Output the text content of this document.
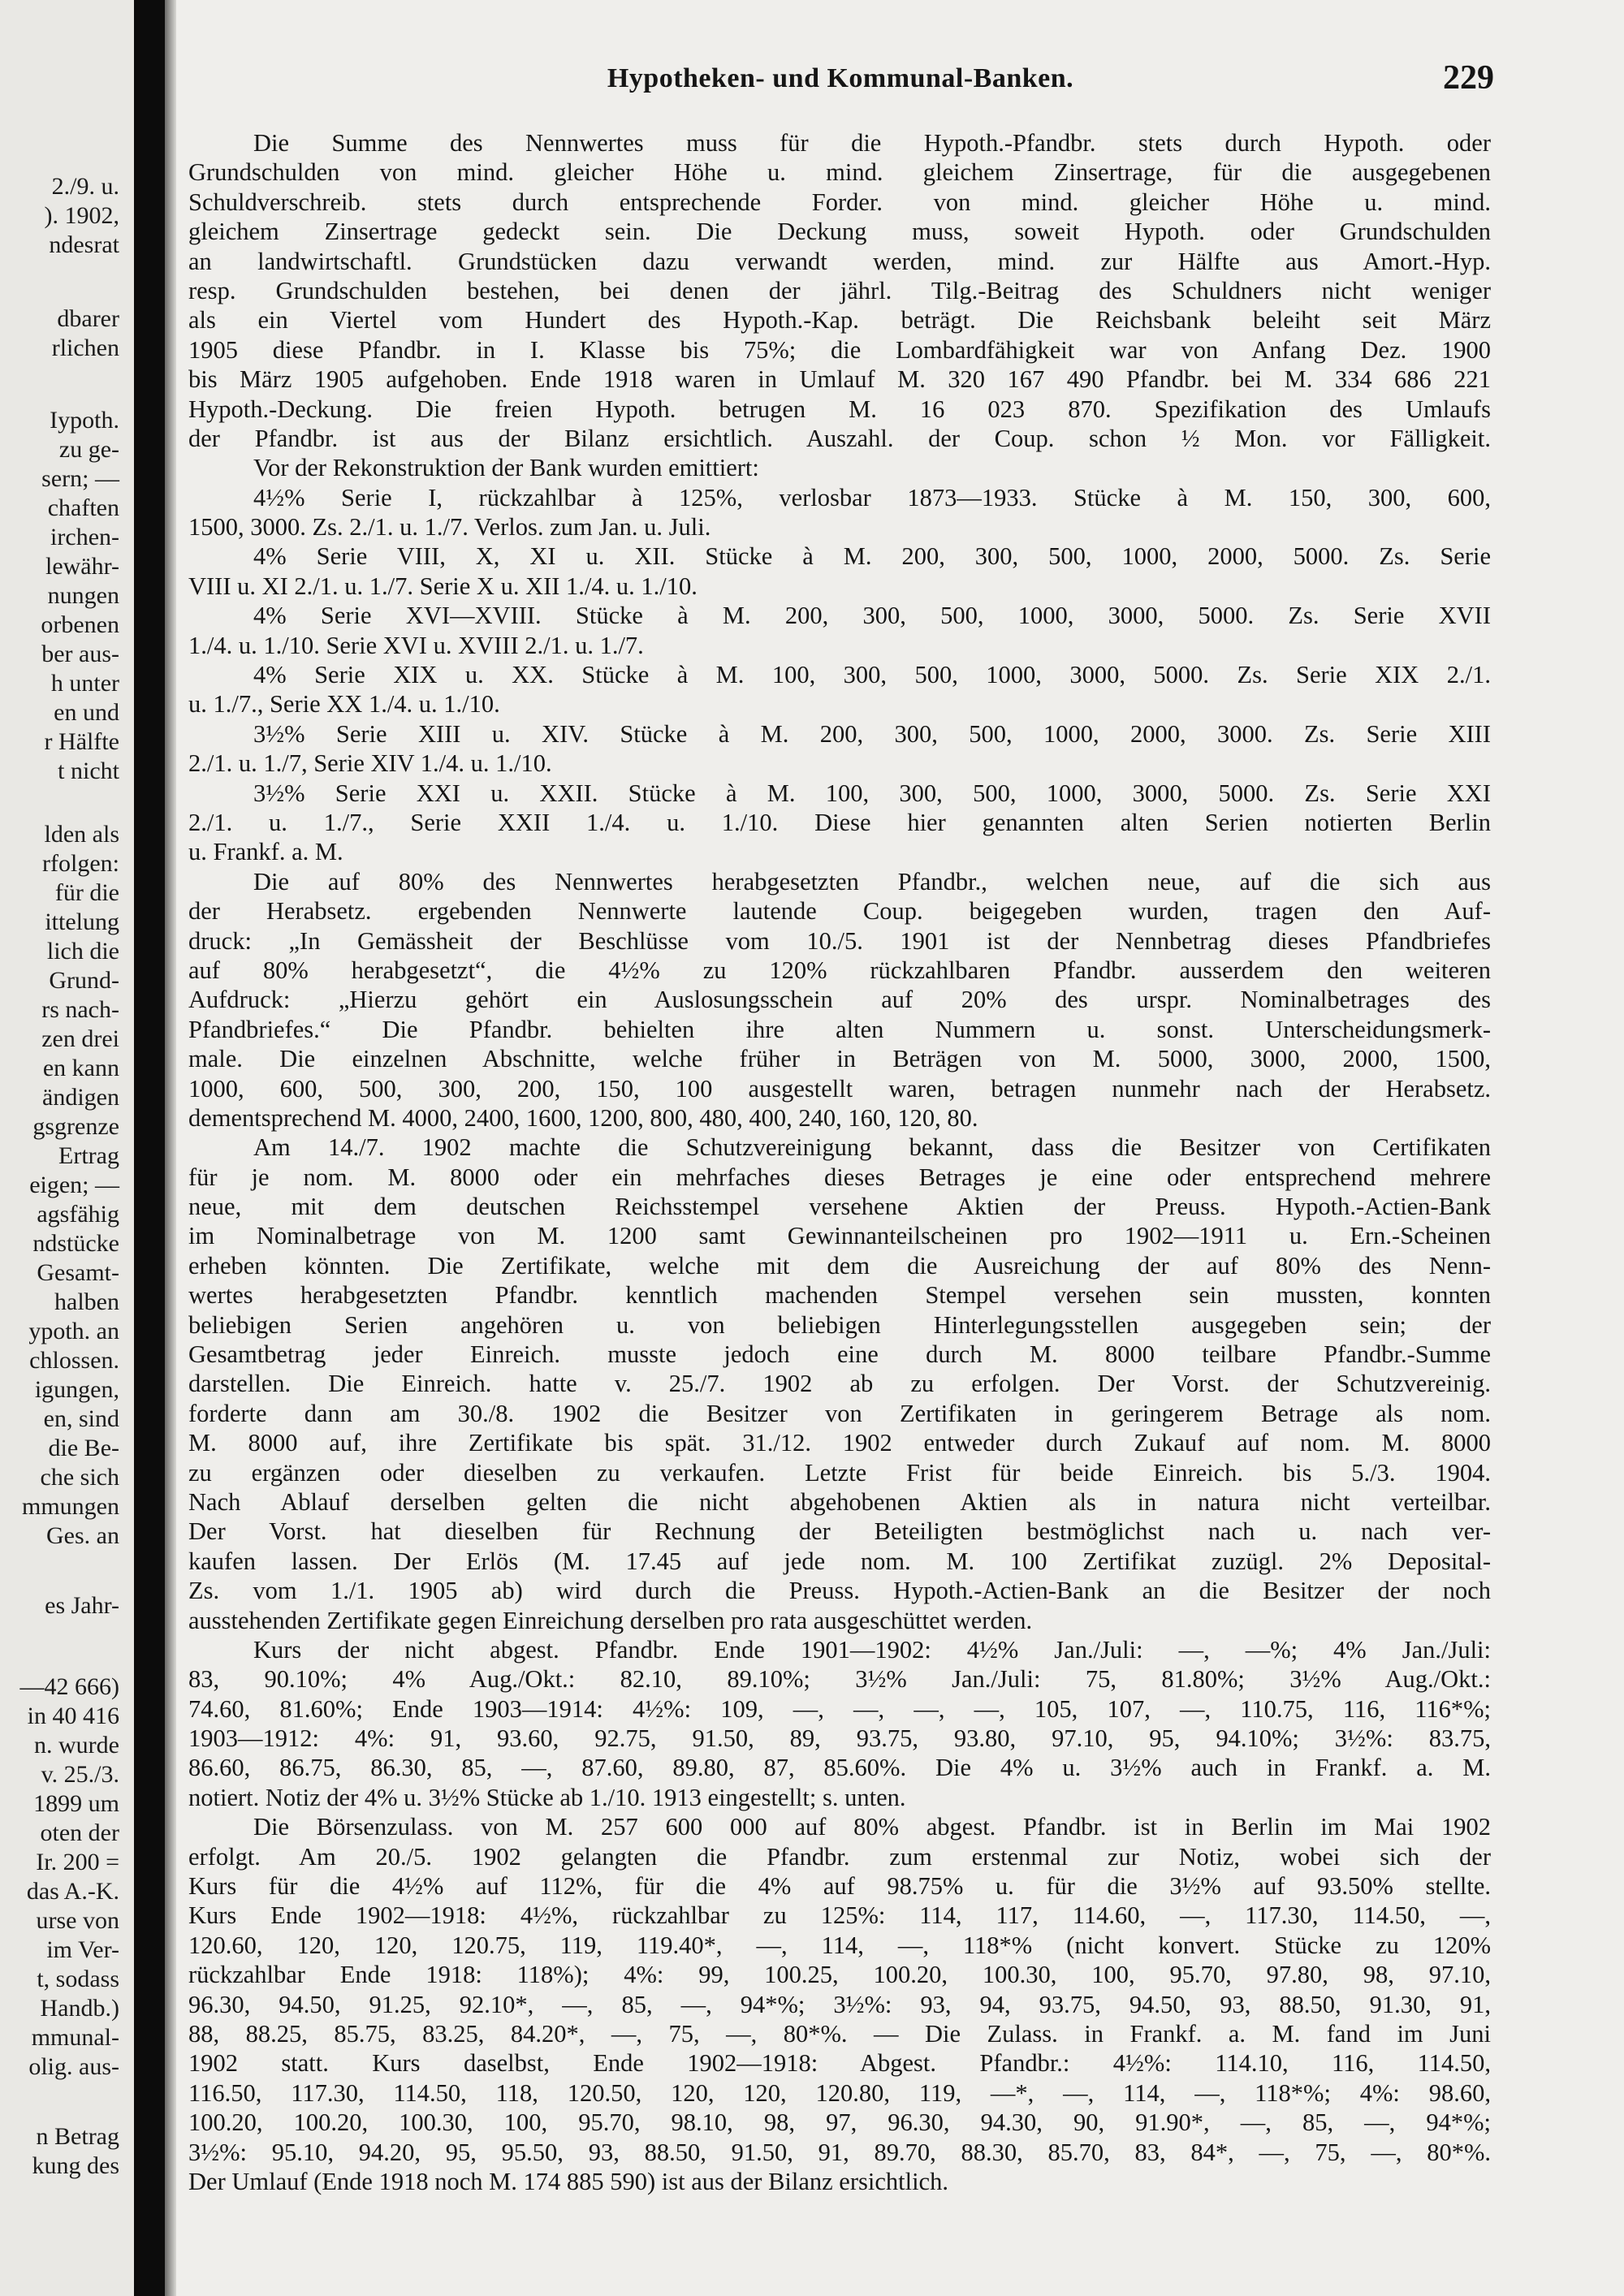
2./9. u.
). 1902,
ndesrat
dbarer
rlichen
Iypoth.
zu ge-
sern; —
chaften
irchen-
lewähr-
nungen
orbenen
ber aus-
h unter
en und
r Hälfte
t nicht
lden als
rfolgen:
für die
ittelung
lich die
Grund-
rs nach-
zen drei
en kann
ändigen
gsgrenze
Ertrag
eigen; —
agsfähig
ndstücke
Gesamt-
halben
ypoth. an
chlossen.
igungen,
en, sind
die Be-
che sich
mmungen
Ges. an
es Jahr-
—42 666)
in 40 416
n. wurde
v. 25./3.
1899 um
oten der
Ir. 200 =
das A.-K.
urse von
im Ver-
t, sodass
Handb.)
mmunal-
olig. aus-
n Betrag
kung des
Hypotheken- und Kommunal-Banken.	229
Die Summe des Nennwertes muss für die Hypoth.-Pfandbr. stets durch Hypoth. oder
Grundschulden von mind. gleicher Höhe u. mind. gleichem Zinsertrage, für die ausgegebenen
Schuldverschreib. stets durch entsprechende Forder. von mind. gleicher Höhe u. mind.
gleichem Zinsertrage gedeckt sein. Die Deckung muss, soweit Hypoth. oder Grundschulden
an landwirtschaftl. Grundstücken dazu verwandt werden, mind. zur Hälfte aus Amort.-Hyp.
resp. Grundschulden bestehen, bei denen der jährl. Tilg.-Beitrag des Schuldners nicht weniger
als ein Viertel vom Hundert des Hypoth.-Kap. beträgt. Die Reichsbank beleiht seit März
1905 diese Pfandbr. in I. Klasse bis 75%; die Lombardfähigkeit war von Anfang Dez. 1900
bis März 1905 aufgehoben. Ende 1918 waren in Umlauf M. 320 167 490 Pfandbr. bei M. 334 686 221
Hypoth.-Deckung. Die freien Hypoth. betrugen M. 16 023 870. Spezifikation des Umlaufs
der Pfandbr. ist aus der Bilanz ersichtlich. Auszahl. der Coup. schon ½ Mon. vor Fälligkeit.
Vor der Rekonstruktion der Bank wurden emittiert:
4½% Serie I, rückzahlbar à 125%, verlosbar 1873—1933. Stücke à M. 150, 300, 600,
1500, 3000. Zs. 2./1. u. 1./7. Verlos. zum Jan. u. Juli.
4% Serie VIII, X, XI u. XII. Stücke à M. 200, 300, 500, 1000, 2000, 5000. Zs. Serie
VIII u. XI 2./1. u. 1./7. Serie X u. XII 1./4. u. 1./10.
4% Serie XVI—XVIII. Stücke à M. 200, 300, 500, 1000, 3000, 5000. Zs. Serie XVII
1./4. u. 1./10. Serie XVI u. XVIII 2./1. u. 1./7.
4% Serie XIX u. XX. Stücke à M. 100, 300, 500, 1000, 3000, 5000. Zs. Serie XIX 2./1.
u. 1./7., Serie XX 1./4. u. 1./10.
3½% Serie XIII u. XIV. Stücke à M. 200, 300, 500, 1000, 2000, 3000. Zs. Serie XIII
2./1. u. 1./7, Serie XIV 1./4. u. 1./10.
3½% Serie XXI u. XXII. Stücke à M. 100, 300, 500, 1000, 3000, 5000. Zs. Serie XXI
2./1. u. 1./7., Serie XXII 1./4. u. 1./10. Diese hier genannten alten Serien notierten Berlin
u. Frankf. a. M.
Die auf 80% des Nennwertes herabgesetzten Pfandbr., welchen neue, auf die sich aus
der Herabsetz. ergebenden Nennwerte lautende Coup. beigegeben wurden, tragen den Auf-
druck: „In Gemässheit der Beschlüsse vom 10./5. 1901 ist der Nennbetrag dieses Pfandbriefes
auf 80% herabgesetzt“, die 4½% zu 120% rückzahlbaren Pfandbr. ausserdem den weiteren
Aufdruck: „Hierzu gehört ein Auslosungsschein auf 20% des urspr. Nominalbetrages des
Pfandbriefes.“ Die Pfandbr. behielten ihre alten Nummern u. sonst. Unterscheidungsmerk-
male. Die einzelnen Abschnitte, welche früher in Beträgen von M. 5000, 3000, 2000, 1500,
1000, 600, 500, 300, 200, 150, 100 ausgestellt waren, betragen nunmehr nach der Herabsetz.
dementsprechend M. 4000, 2400, 1600, 1200, 800, 480, 400, 240, 160, 120, 80.
Am 14./7. 1902 machte die Schutzvereinigung bekannt, dass die Besitzer von Certifikaten
für je nom. M. 8000 oder ein mehrfaches dieses Betrages je eine oder entsprechend mehrere
neue, mit dem deutschen Reichsstempel versehene Aktien der Preuss. Hypoth.-Actien-Bank
im Nominalbetrage von M. 1200 samt Gewinnanteilscheinen pro 1902—1911 u. Ern.-Scheinen
erheben könnten. Die Zertifikate, welche mit dem die Ausreichung der auf 80% des Nenn-
wertes herabgesetzten Pfandbr. kenntlich machenden Stempel versehen sein mussten, konnten
beliebigen Serien angehören u. von beliebigen Hinterlegungsstellen ausgegeben sein; der
Gesamtbetrag jeder Einreich. musste jedoch eine durch M. 8000 teilbare Pfandbr.-Summe
darstellen. Die Einreich. hatte v. 25./7. 1902 ab zu erfolgen. Der Vorst. der Schutzvereinig.
forderte dann am 30./8. 1902 die Besitzer von Zertifikaten in geringerem Betrage als nom.
M. 8000 auf, ihre Zertifikate bis spät. 31./12. 1902 entweder durch Zukauf auf nom. M. 8000
zu ergänzen oder dieselben zu verkaufen. Letzte Frist für beide Einreich. bis 5./3. 1904.
Nach Ablauf derselben gelten die nicht abgehobenen Aktien als in natura nicht verteilbar.
Der Vorst. hat dieselben für Rechnung der Beteiligten bestmöglichst nach u. nach ver-
kaufen lassen. Der Erlös (M. 17.45 auf jede nom. M. 100 Zertifikat zuzügl. 2% Deposital-
Zs. vom 1./1. 1905 ab) wird durch die Preuss. Hypoth.-Actien-Bank an die Besitzer der noch
ausstehenden Zertifikate gegen Einreichung derselben pro rata ausgeschüttet werden.
Kurs der nicht abgest. Pfandbr. Ende 1901—1902: 4½% Jan./Juli: —, —%; 4% Jan./Juli:
83, 90.10%; 4% Aug./Okt.: 82.10, 89.10%; 3½% Jan./Juli: 75, 81.80%; 3½% Aug./Okt.:
74.60, 81.60%; Ende 1903—1914: 4½%: 109, —, —, —, —, 105, 107, —, 110.75, 116, 116*%;
1903—1912: 4%: 91, 93.60, 92.75, 91.50, 89, 93.75, 93.80, 97.10, 95, 94.10%; 3½%: 83.75,
86.60, 86.75, 86.30, 85, —, 87.60, 89.80, 87, 85.60%. Die 4% u. 3½% auch in Frankf. a. M.
notiert. Notiz der 4% u. 3½% Stücke ab 1./10. 1913 eingestellt; s. unten.
Die Börsenzulass. von M. 257 600 000 auf 80% abgest. Pfandbr. ist in Berlin im Mai 1902
erfolgt. Am 20./5. 1902 gelangten die Pfandbr. zum erstenmal zur Notiz, wobei sich der
Kurs für die 4½% auf 112%, für die 4% auf 98.75% u. für die 3½% auf 93.50% stellte.
Kurs Ende 1902—1918: 4½%, rückzahlbar zu 125%: 114, 117, 114.60, —, 117.30, 114.50, —,
120.60, 120, 120, 120.75, 119, 119.40*, —, 114, —, 118*% (nicht konvert. Stücke zu 120%
rückzahlbar Ende 1918: 118%); 4%: 99, 100.25, 100.20, 100.30, 100, 95.70, 97.80, 98, 97.10,
96.30, 94.50, 91.25, 92.10*, —, 85, —, 94*%; 3½%: 93, 94, 93.75, 94.50, 93, 88.50, 91.30, 91,
88, 88.25, 85.75, 83.25, 84.20*, —, 75, —, 80*%. — Die Zulass. in Frankf. a. M. fand im Juni
1902 statt. Kurs daselbst, Ende 1902—1918: Abgest. Pfandbr.: 4½%: 114.10, 116, 114.50,
116.50, 117.30, 114.50, 118, 120.50, 120, 120, 120.80, 119, —*, —, 114, —, 118*%; 4%: 98.60,
100.20, 100.20, 100.30, 100, 95.70, 98.10, 98, 97, 96.30, 94.30, 90, 91.90*, —, 85, —, 94*%;
3½%: 95.10, 94.20, 95, 95.50, 93, 88.50, 91.50, 91, 89.70, 88.30, 85.70, 83, 84*, —, 75, —, 80*%.
Der Umlauf (Ende 1918 noch M. 174 885 590) ist aus der Bilanz ersichtlich.
